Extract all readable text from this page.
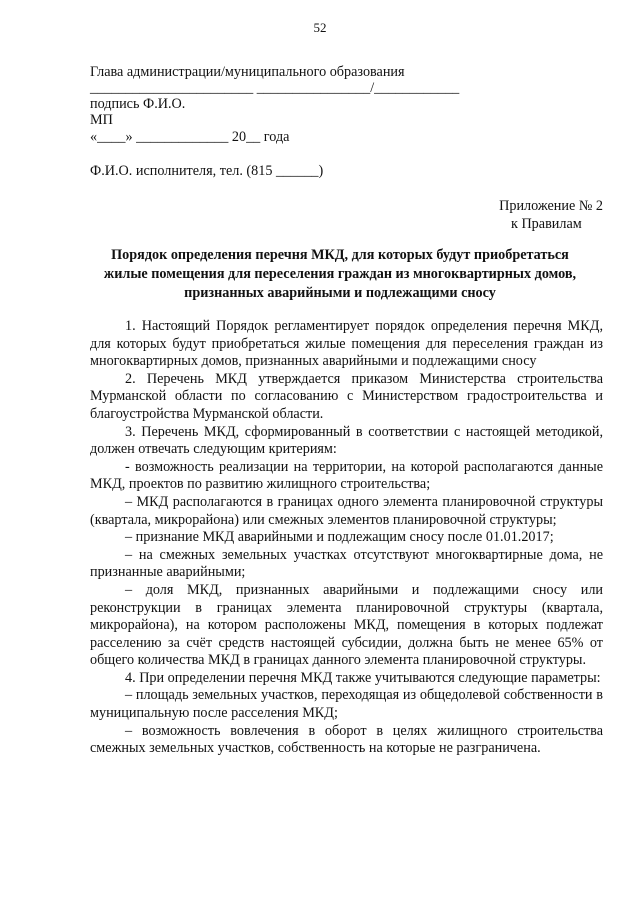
52
Глава администрации/муниципального образования
_______________________ ________________/____________
подпись Ф.И.О.
МП
«____» _____________ 20__ года
Ф.И.О. исполнителя, тел. (815 ______)
Приложение № 2
к Правилам
Порядок определения перечня МКД, для которых будут приобретаться
жилые помещения для переселения граждан из многоквартирных домов,
признанных аварийными и подлежащими сносу

1. Настоящий Порядок регламентирует порядок определения перечня МКД, для которых будут приобретаться жилые помещения для переселения граждан из многоквартирных домов, признанных аварийными и подлежащими сносу

2. Перечень МКД утверждается приказом Министерства строительства Мурманской области по согласованию с Министерством градостроительства и благоустройства Мурманской области.

3. Перечень МКД, сформированный в соответствии с настоящей методикой, должен отвечать следующим критериям:

- возможность реализации на территории, на которой располагаются данные МКД, проектов по развитию жилищного строительства;

– МКД располагаются в границах одного элемента планировочной структуры (квартала, микрорайона) или смежных элементов планировочной структуры;

– признание МКД аварийными и подлежащим сносу после 01.01.2017;

– на смежных земельных участках отсутствуют многоквартирные дома, не признанные аварийными;

– доля МКД, признанных аварийными и подлежащими сносу или реконструкции в границах элемента планировочной структуры (квартала, микрорайона), на котором расположены МКД, помещения в которых подлежат расселению за счёт средств настоящей субсидии, должна быть не менее 65% от общего количества МКД в границах данного элемента планировочной структуры.

4. При определении перечня МКД также учитываются следующие параметры:

– площадь земельных участков, переходящая из общедолевой собственности в муниципальную после расселения МКД;

– возможность вовлечения в оборот в целях жилищного строительства смежных земельных участков, собственность на которые не разграничена.
